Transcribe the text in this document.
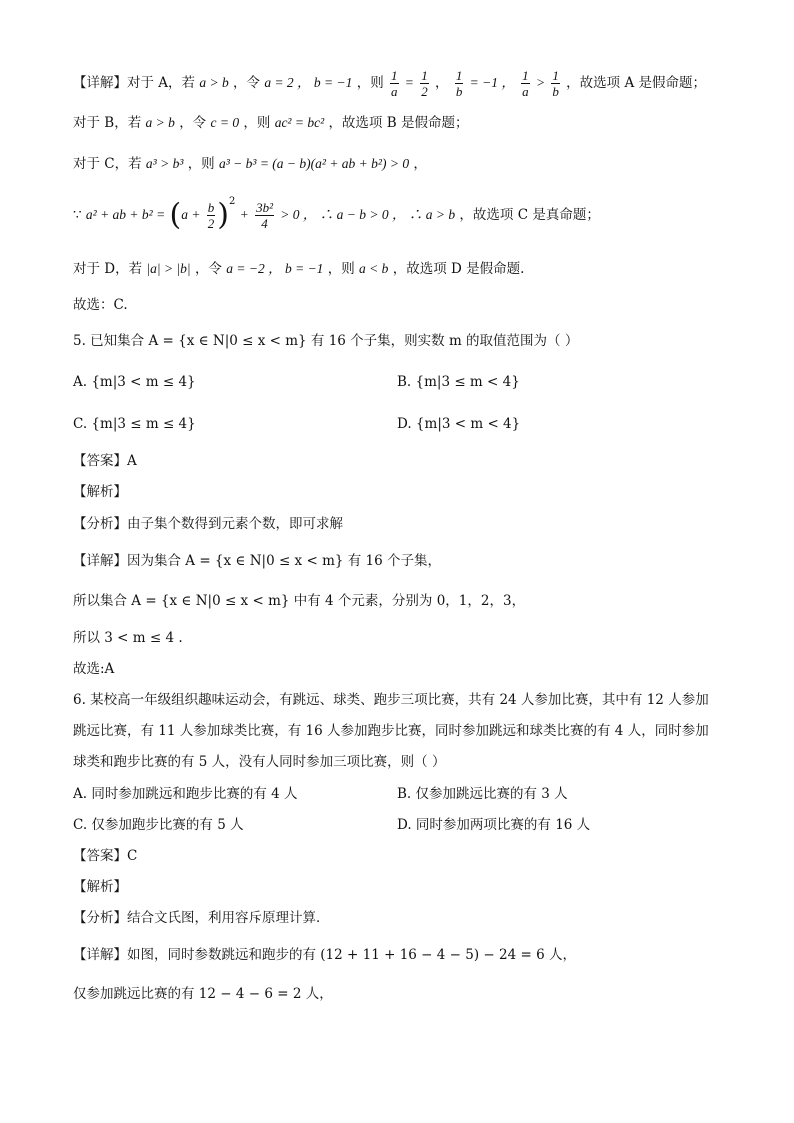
【详解】对于 A，若 a > b ，令 a = 2 ， b = −1 ，则 $\frac{1}{a} = \frac{1}{2}$ ， $\frac{1}{b} = -1$ ， $\frac{1}{a} > \frac{1}{b}$ ，故选项 A 是假命题；
对于 B，若 a > b ，令 c = 0 ，则 ac² = bc² ，故选项 B 是假命题；
对于 C，若 a³ > b³ ，则 a³ − b³ = (a − b)(a² + ab + b²) > 0 ，
∵ a² + ab + $b^2 = (a + \frac{b}{2} )^2 + \frac{\text{3b²}}{4} > 0$ ， ∴ a − b > 0 ， ∴ a > b ，故选项 C 是真命题；
对于 D，若 |a| > |b| ，令 a = −2 ， b = −1 ，则 a < b ，故选项 D 是假命题.
故选：C.
5. 已知集合 A = {x ∈ N|0 ≤ x < m} 有 16 个子集，则实数 m 的取值范围为（ ）
A. {m|3 < m ≤ 4}	B. {m|3 ≤ m < 4}
C. {m|3 ≤ m ≤ 4}	D. {m|3 < m < 4}
【答案】A
【解析】
【分析】由子集个数得到元素个数，即可求解
【详解】因为集合 A = {x ∈ N|0 ≤ x < m} 有 16 个子集，
所以集合 A = {x ∈ N|0 ≤ x < m} 中有 4 个元素，分别为 0，1，2，3，
所以 3 < m ≤ 4 .
故选:A
6. 某校高一年级组织趣味运动会，有跳远、球类、跑步三项比赛，共有 24 人参加比赛，其中有 12 人参加
跳远比赛，有 11 人参加球类比赛，有 16 人参加跑步比赛，同时参加跳远和球类比赛的有 4 人，同时参加
球类和跑步比赛的有 5 人，没有人同时参加三项比赛，则（ ）
A. 同时参加跳远和跑步比赛的有 4 人	B. 仅参加跳远比赛的有 3 人
C. 仅参加跑步比赛的有 5 人	D. 同时参加两项比赛的有 16 人
【答案】C
【解析】
【分析】结合文氏图，利用容斥原理计算．
【详解】如图，同时参数跳远和跑步的有 (12 + 11 + 16 − 4 − 5) − 24 = 6 人，
仅参加跳远比赛的有 12 − 4 − 6 = 2 人，
